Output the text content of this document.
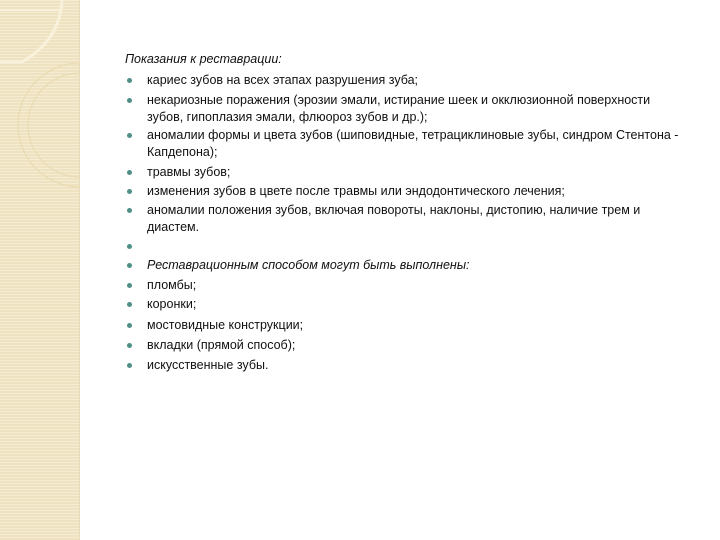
Показания к реставрации:
кариес зубов на всех этапах разрушения зуба;
некариозные поражения (эрозии эмали, истирание шеек и окклюзионной поверхности зубов, гипоплазия эмали, флюороз зубов и др.);
аномалии формы и цвета зубов (шиповидные, тетрациклиновые зубы, синдром Стентона - Капдепона);
травмы зубов;
изменения зубов в цвете после травмы или эндодонтического лечения;
аномалии положения зубов, включая повороты, наклоны, дистопию, наличие трем и диастем.
Реставрационным способом могут быть выполнены:
пломбы;
коронки;
мостовидные конструкции;
вкладки (прямой способ);
искусственные зубы.
